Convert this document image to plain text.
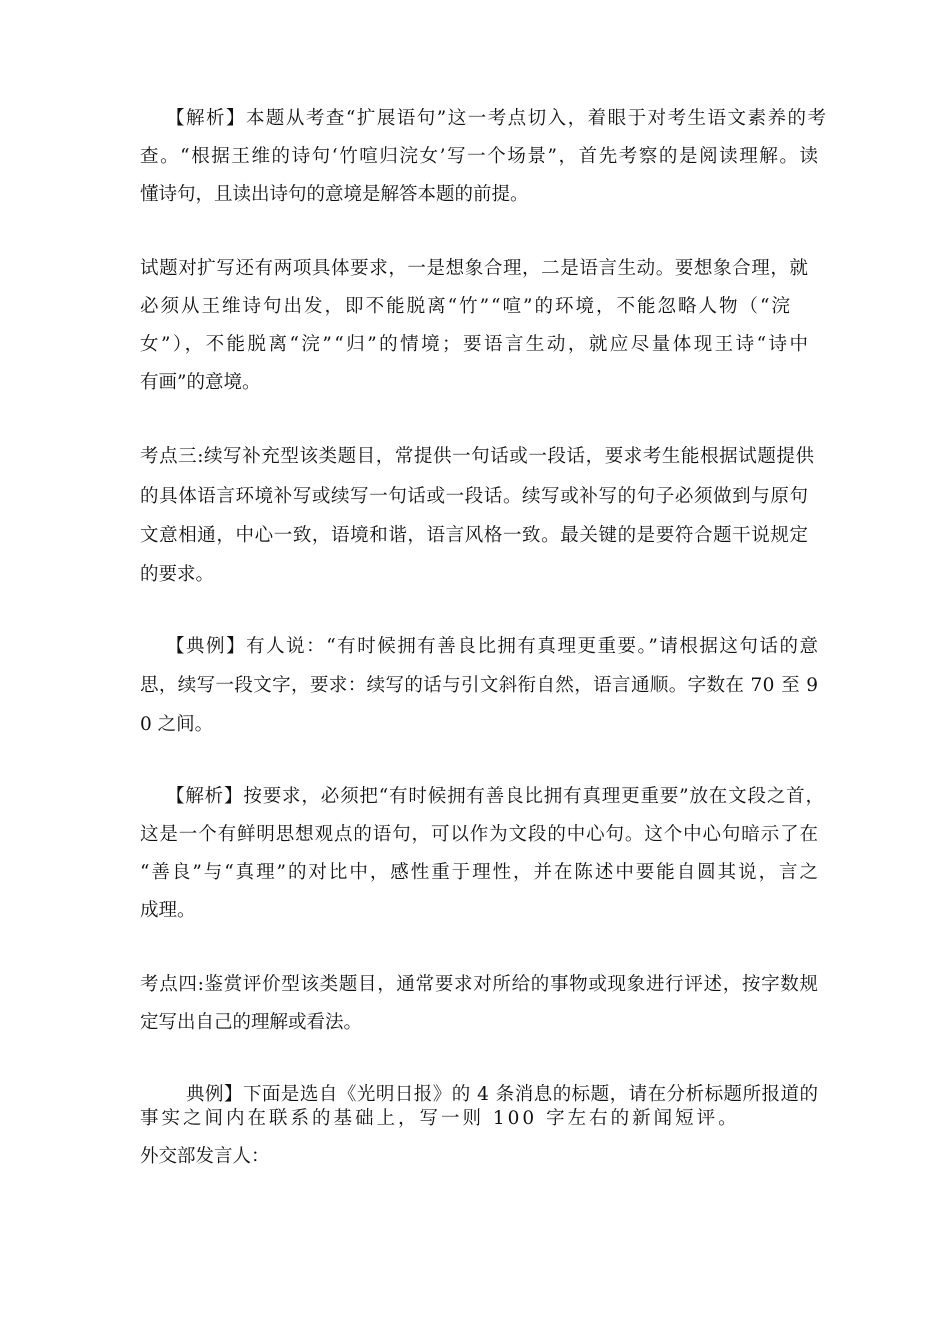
【解析】本题从考查“扩展语句”这一考点切入，着眼于对考生语文素养的考
查。“根据王维的诗句‘竹喧归浣女’写一个场景”，首先考察的是阅读理解。读
懂诗句，且读出诗句的意境是解答本题的前提。
试题对扩写还有两项具体要求，一是想象合理，二是语言生动。要想象合理，就
必须从王维诗句出发，即不能脱离“竹”“喧”的环境，不能忽略人物（“浣
女”），不能脱离“浣”“归”的情境；要语言生动，就应尽量体现王诗“诗中
有画”的意境。
考点三:续写补充型该类题目，常提供一句话或一段话，要求考生能根据试题提供
的具体语言环境补写或续写一句话或一段话。续写或补写的句子必须做到与原句
文意相通，中心一致，语境和谐，语言风格一致。最关键的是要符合题干说规定
的要求。
【典例】有人说：“有时候拥有善良比拥有真理更重要。”请根据这句话的意
思，续写一段文字，要求：续写的话与引文斜衔自然，语言通顺。字数在 70 至 9
0 之间。
【解析】按要求，必须把“有时候拥有善良比拥有真理更重要”放在文段之首，
这是一个有鲜明思想观点的语句，可以作为文段的中心句。这个中心句暗示了在
“善良”与“真理”的对比中，感性重于理性，并在陈述中要能自圆其说，言之
成理。
考点四:鉴赏评价型该类题目，通常要求对所给的事物或现象进行评述，按字数规
定写出自己的理解或看法。
典例】下面是选自《光明日报》的 4 条消息的标题，请在分析标题所报道的
事实之间内在联系的基础上，写一则 100 字左右的新闻短评。
外交部发言人：
